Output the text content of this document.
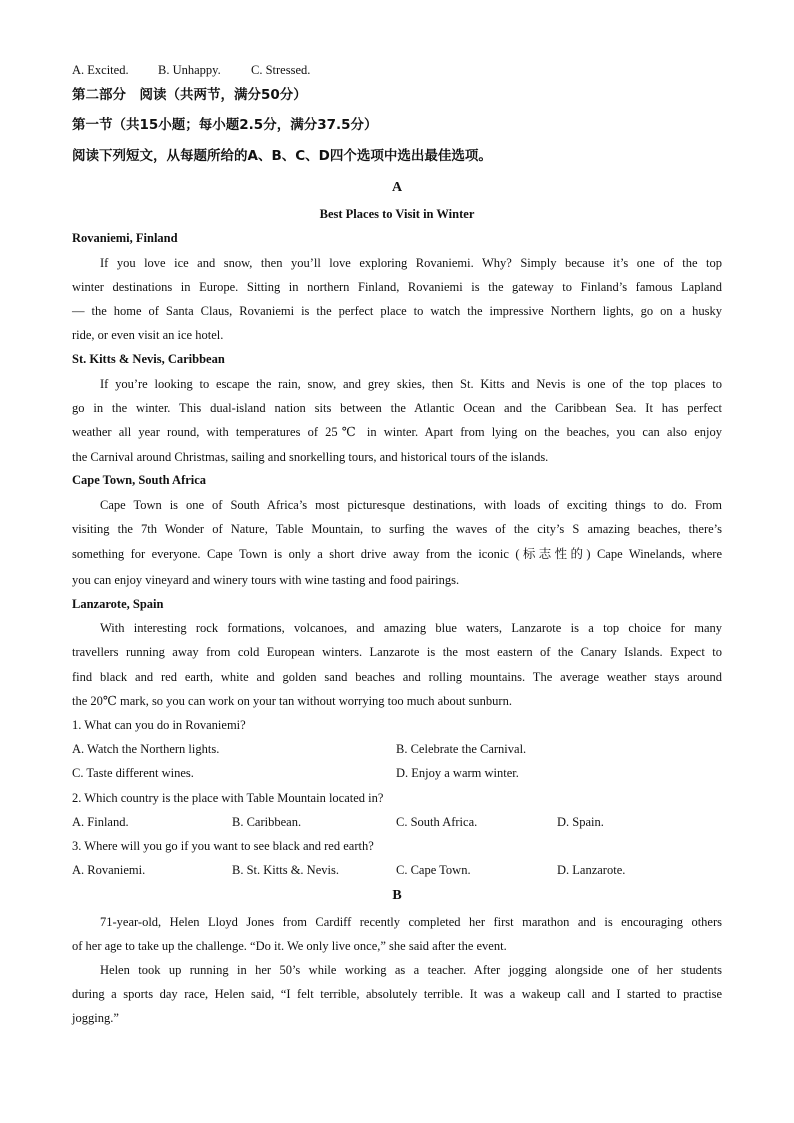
A. Excited. B. Unhappy. C. Stressed.
第二部分　阅读（共两节，满分50分）
第一节（共15小题；每小题2.5分，满分37.5分）
阅读下列短文，从每题所给的A、B、C、D四个选项中选出最佳选项。
A
Best Places to Visit in Winter
Rovaniemi, Finland
If you love ice and snow, then you’ll love exploring Rovaniemi. Why? Simply because it’s one of the top
winter destinations in Europe. Sitting in northern Finland, Rovaniemi is the gateway to Finland’s famous Lapland
— the home of Santa Claus, Rovaniemi is the perfect place to watch the impressive Northern lights, go on a husky
ride, or even visit an ice hotel.
St. Kitts & Nevis, Caribbean
If you’re looking to escape the rain, snow, and grey skies, then St. Kitts and Nevis is one of the top places to
go in the winter. This dual-island nation sits between the Atlantic Ocean and the Caribbean Sea. It has perfect
weather all year round, with temperatures of 25℃ in winter. Apart from lying on the beaches, you can also enjoy
the Carnival around Christmas, sailing and snorkelling tours, and historical tours of the islands.
Cape Town, South Africa
Cape Town is one of South Africa’s most picturesque destinations, with loads of exciting things to do. From
visiting the 7th Wonder of Nature, Table Mountain, to surfing the waves of the city’s S amazing beaches, there’s
something for everyone. Cape Town is only a short drive away from the iconic (标志性的) Cape Winelands, where
you can enjoy vineyard and winery tours with wine tasting and food pairings.
Lanzarote, Spain
With interesting rock formations, volcanoes, and amazing blue waters, Lanzarote is a top choice for many
travellers running away from cold European winters. Lanzarote is the most eastern of the Canary Islands. Expect to
find black and red earth, white and golden sand beaches and rolling mountains. The average weather stays around
the 20℃ mark, so you can work on your tan without worrying too much about sunburn.
1. What can you do in Rovaniemi?
A. Watch the Northern lights.	B. Celebrate the Carnival.
C. Taste different wines.	D. Enjoy a warm winter.
2. Which country is the place with Table Mountain located in?
A. Finland.	B. Caribbean.	C. South Africa.	D. Spain.
3. Where will you go if you want to see black and red earth?
A. Rovaniemi.	B. St. Kitts &. Nevis.	C. Cape Town.	D. Lanzarote.
B
71-year-old, Helen Lloyd Jones from Cardiff recently completed her first marathon and is encouraging others
of her age to take up the challenge. “Do it. We only live once,” she said after the event.
Helen took up running in her 50’s while working as a teacher. After jogging alongside one of her students
during a sports day race, Helen said, “I felt terrible, absolutely terrible. It was a wakeup call and I started to practise
jogging.”
